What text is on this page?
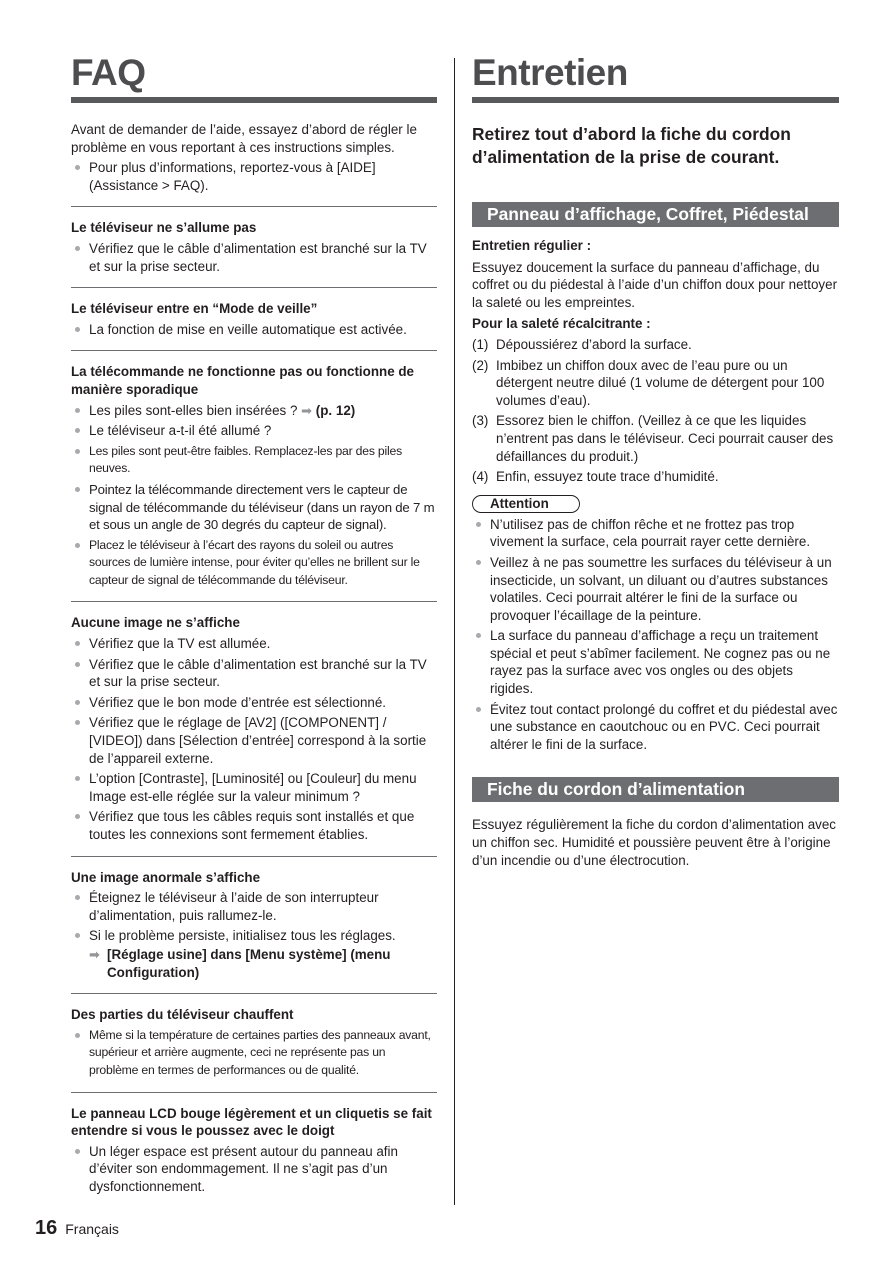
FAQ

Avant de demander de l’aide, essayez d’abord de régler le problème en vous reportant à ces instructions simples.

Pour plus d’informations, reportez-vous à [AIDE] (Assistance > FAQ).
Le téléviseur ne s’allume pas
Vérifiez que le câble d’alimentation est branché sur la TV et sur la prise secteur.
Le téléviseur entre en “Mode de veille”
La fonction de mise en veille automatique est activée.
La télécommande ne fonctionne pas ou fonctionne de manière sporadique
Les piles sont-elles bien insérées ? ➡ (p. 12)
Le téléviseur a-t-il été allumé ?
Les piles sont peut-être faibles. Remplacez-les par des piles neuves.
Pointez la télécommande directement vers le capteur de signal de télécommande du téléviseur (dans un rayon de 7 m et sous un angle de 30 degrés du capteur de signal).
Placez le téléviseur à l’écart des rayons du soleil ou autres sources de lumière intense, pour éviter qu’elles ne brillent sur le capteur de signal de télécommande du téléviseur.
Aucune image ne s’affiche
Vérifiez que la TV est allumée.
Vérifiez que le câble d’alimentation est branché sur la TV et sur la prise secteur.
Vérifiez que le bon mode d’entrée est sélectionné.
Vérifiez que le réglage de [AV2] ([COMPONENT] / [VIDEO]) dans [Sélection d’entrée] correspond à la sortie de l’appareil externe.
L’option [Contraste], [Luminosité] ou [Couleur] du menu Image est-elle réglée sur la valeur minimum ?
Vérifiez que tous les câbles requis sont installés et que toutes les connexions sont fermement établies.
Une image anormale s’affiche
Éteignez le téléviseur à l’aide de son interrupteur d’alimentation, puis rallumez-le.
Si le problème persiste, initialisez tous les réglages.
➡ [Réglage usine] dans [Menu système] (menu Configuration)
Des parties du téléviseur chauffent
Même si la température de certaines parties des panneaux avant, supérieur et arrière augmente, ceci ne représente pas un problème en termes de performances ou de qualité.
Le panneau LCD bouge légèrement et un cliquetis se fait entendre si vous le poussez avec le doigt
Un léger espace est présent autour du panneau afin d’éviter son endommagement. Il ne s’agit pas d’un dysfonctionnement.
Entretien

Retirez tout d’abord la fiche du cordon d’alimentation de la prise de courant.

Panneau d’affichage, Coffret, Piédestal
Entretien régulier :

Essuyez doucement la surface du panneau d’affichage, du coffret ou du piédestal à l’aide d’un chiffon doux pour nettoyer la saleté ou les empreintes.

Pour la saleté récalcitrante :
(1) Dépoussiérez d’abord la surface.
(2) Imbibez un chiffon doux avec de l’eau pure ou un détergent neutre dilué (1 volume de détergent pour 100 volumes d’eau).
(3) Essorez bien le chiffon. (Veillez à ce que les liquides n’entrent pas dans le téléviseur. Ceci pourrait causer des défaillances du produit.)
(4) Enfin, essuyez toute trace d’humidité.
Attention
N’utilisez pas de chiffon rêche et ne frottez pas trop vivement la surface, cela pourrait rayer cette dernière.
Veillez à ne pas soumettre les surfaces du téléviseur à un insecticide, un solvant, un diluant ou d’autres substances volatiles. Ceci pourrait altérer le fini de la surface ou provoquer l’écaillage de la peinture.
La surface du panneau d’affichage a reçu un traitement spécial et peut s’abîmer facilement. Ne cognez pas ou ne rayez pas la surface avec vos ongles ou des objets rigides.
Évitez tout contact prolongé du coffret et du piédestal avec une substance en caoutchouc ou en PVC. Ceci pourrait altérer le fini de la surface.
Fiche du cordon d’alimentation

Essuyez régulièrement la fiche du cordon d’alimentation avec un chiffon sec. Humidité et poussière peuvent être à l’origine d’un incendie ou d’une électrocution.

16 Français
